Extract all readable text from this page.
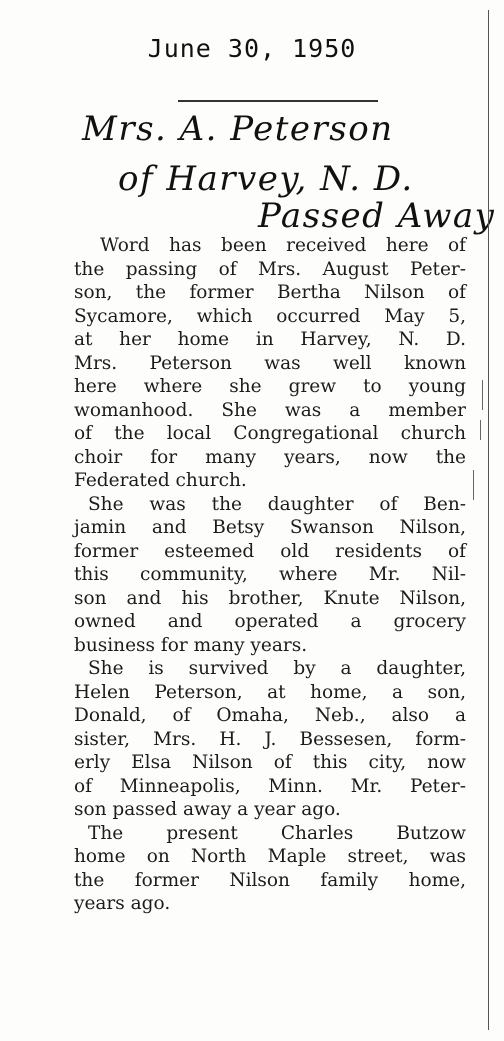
June 30, 1950
Mrs. A. Peterson
of Harvey, N. D.
Passed Away
Word has been received here of
the passing of Mrs. August Peter-
son, the former Bertha Nilson of
Sycamore, which occurred May 5,
at her home in Harvey, N. D.
Mrs. Peterson was well known
here where she grew to young
womanhood. She was a member
of the local Congregational church
choir for many years, now the
Federated church.
She was the daughter of Ben-
jamin and Betsy Swanson Nilson,
former esteemed old residents of
this community, where Mr. Nil-
son and his brother, Knute Nilson,
owned and operated a grocery
business for many years.
She is survived by a daughter,
Helen Peterson, at home, a son,
Donald, of Omaha, Neb., also a
sister, Mrs. H. J. Bessesen, form-
erly Elsa Nilson of this city, now
of Minneapolis, Minn. Mr. Peter-
son passed away a year ago.
The present Charles Butzow
home on North Maple street, was
the former Nilson family home,
years ago.
